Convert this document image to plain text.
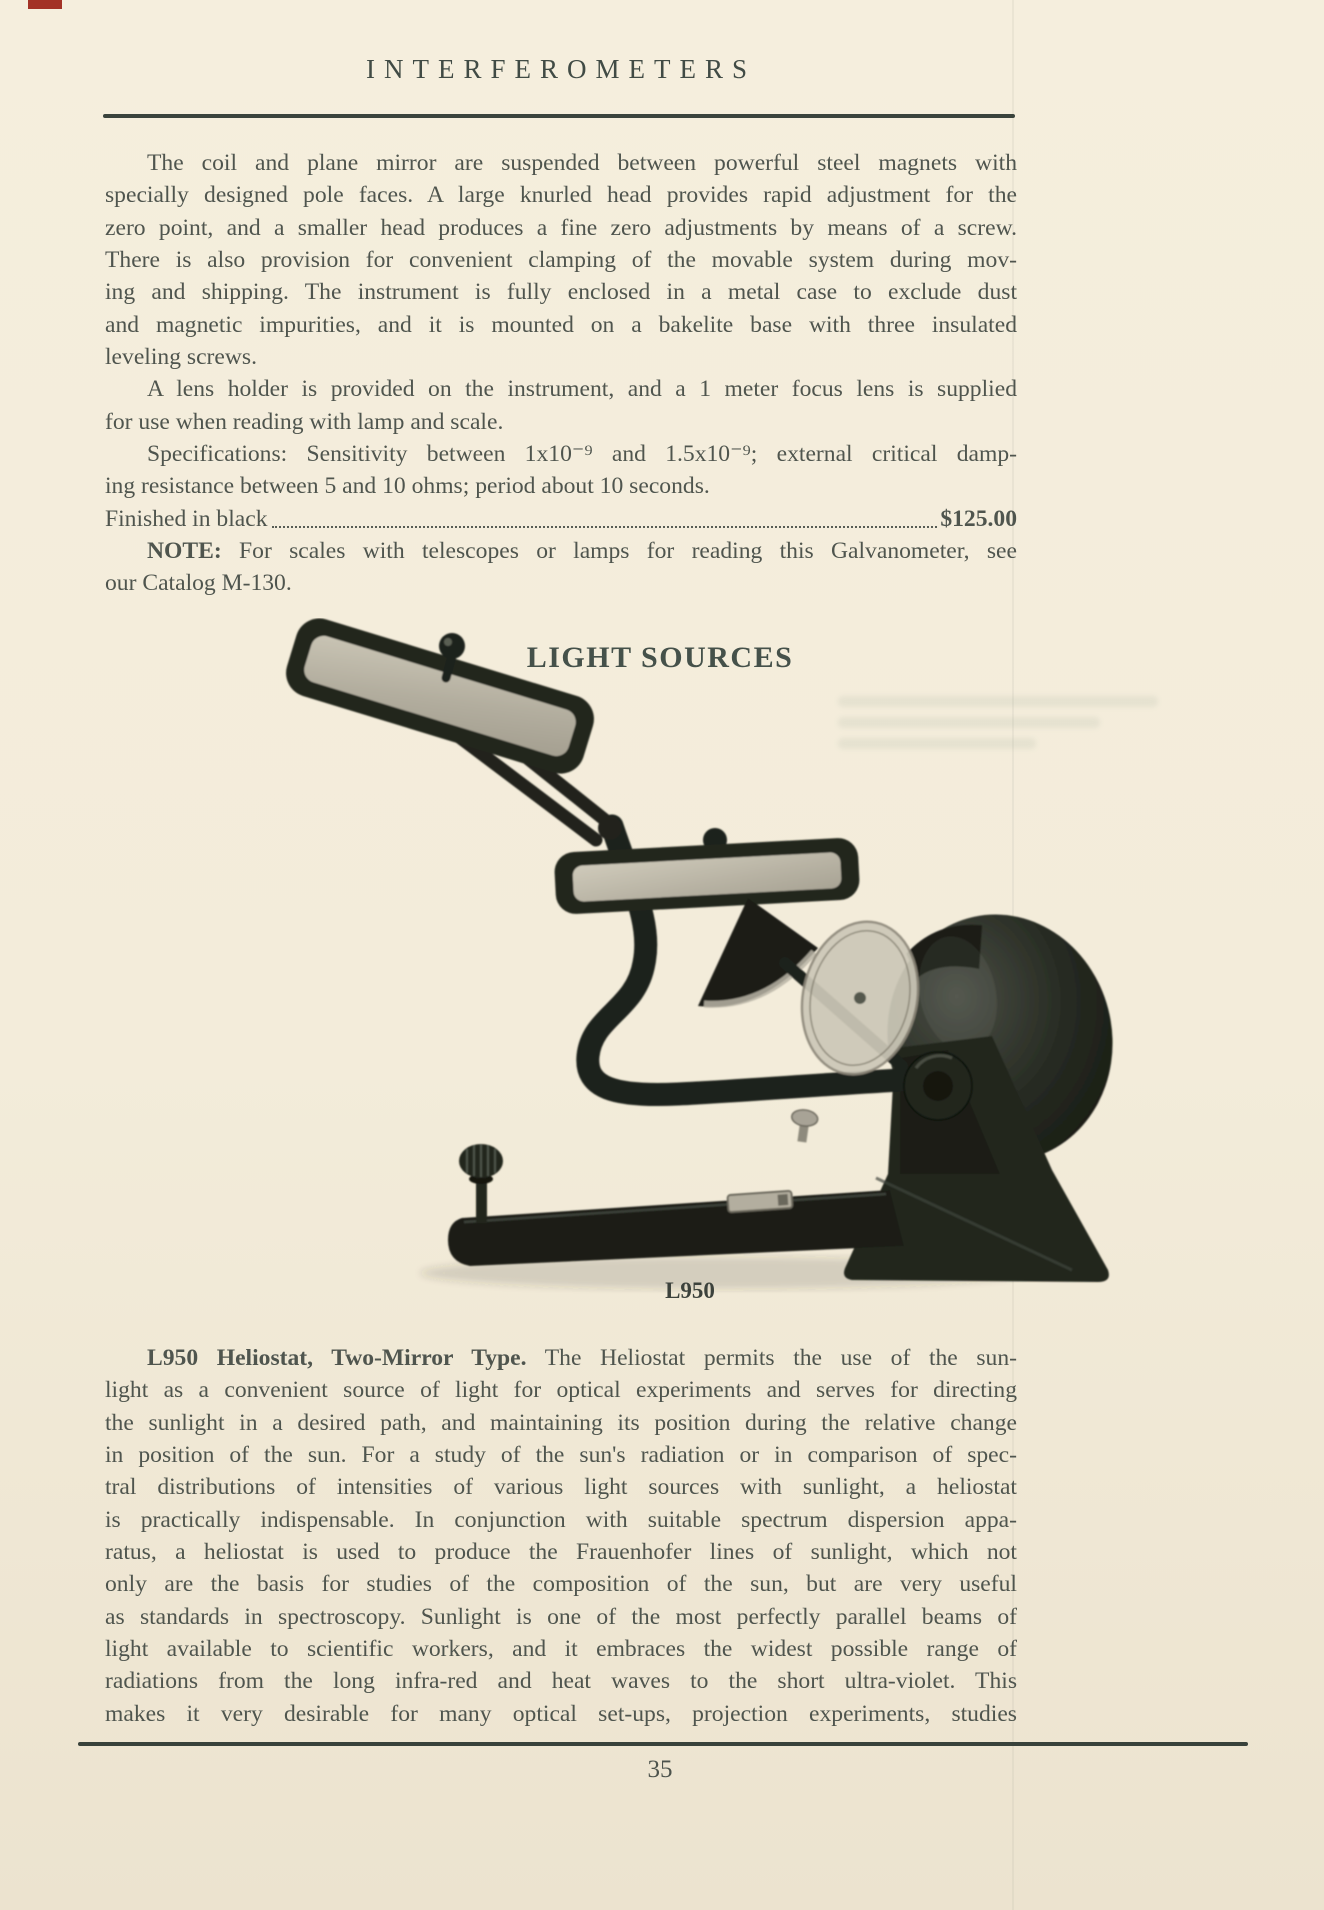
INTERFEROMETERS
The coil and plane mirror are suspended between powerful steel magnets with
specially designed pole faces. A large knurled head provides rapid adjustment for the
zero point, and a smaller head produces a fine zero adjustments by means of a screw.
There is also provision for convenient clamping of the movable system during mov-
ing and shipping. The instrument is fully enclosed in a metal case to exclude dust
and magnetic impurities, and it is mounted on a bakelite base with three insulated
leveling screws.
A lens holder is provided on the instrument, and a 1 meter focus lens is supplied
for use when reading with lamp and scale.
Specifications: Sensitivity between 1x10⁻⁹ and 1.5x10⁻⁹; external critical damp-
ing resistance between 5 and 10 ohms; period about 10 seconds.
Finished in black	$125.00
NOTE: For scales with telescopes or lamps for reading this Galvanometer, see
our Catalog M-130.
LIGHT SOURCES
L950
L950 Heliostat, Two-Mirror Type. The Heliostat permits the use of the sun-
light as a convenient source of light for optical experiments and serves for directing
the sunlight in a desired path, and maintaining its position during the relative change
in position of the sun. For a study of the sun's radiation or in comparison of spec-
tral distributions of intensities of various light sources with sunlight, a heliostat
is practically indispensable. In conjunction with suitable spectrum dispersion appa-
ratus, a heliostat is used to produce the Frauenhofer lines of sunlight, which not
only are the basis for studies of the composition of the sun, but are very useful
as standards in spectroscopy. Sunlight is one of the most perfectly parallel beams of
light available to scientific workers, and it embraces the widest possible range of
radiations from the long infra-red and heat waves to the short ultra-violet. This
makes it very desirable for many optical set-ups, projection experiments, studies
35
